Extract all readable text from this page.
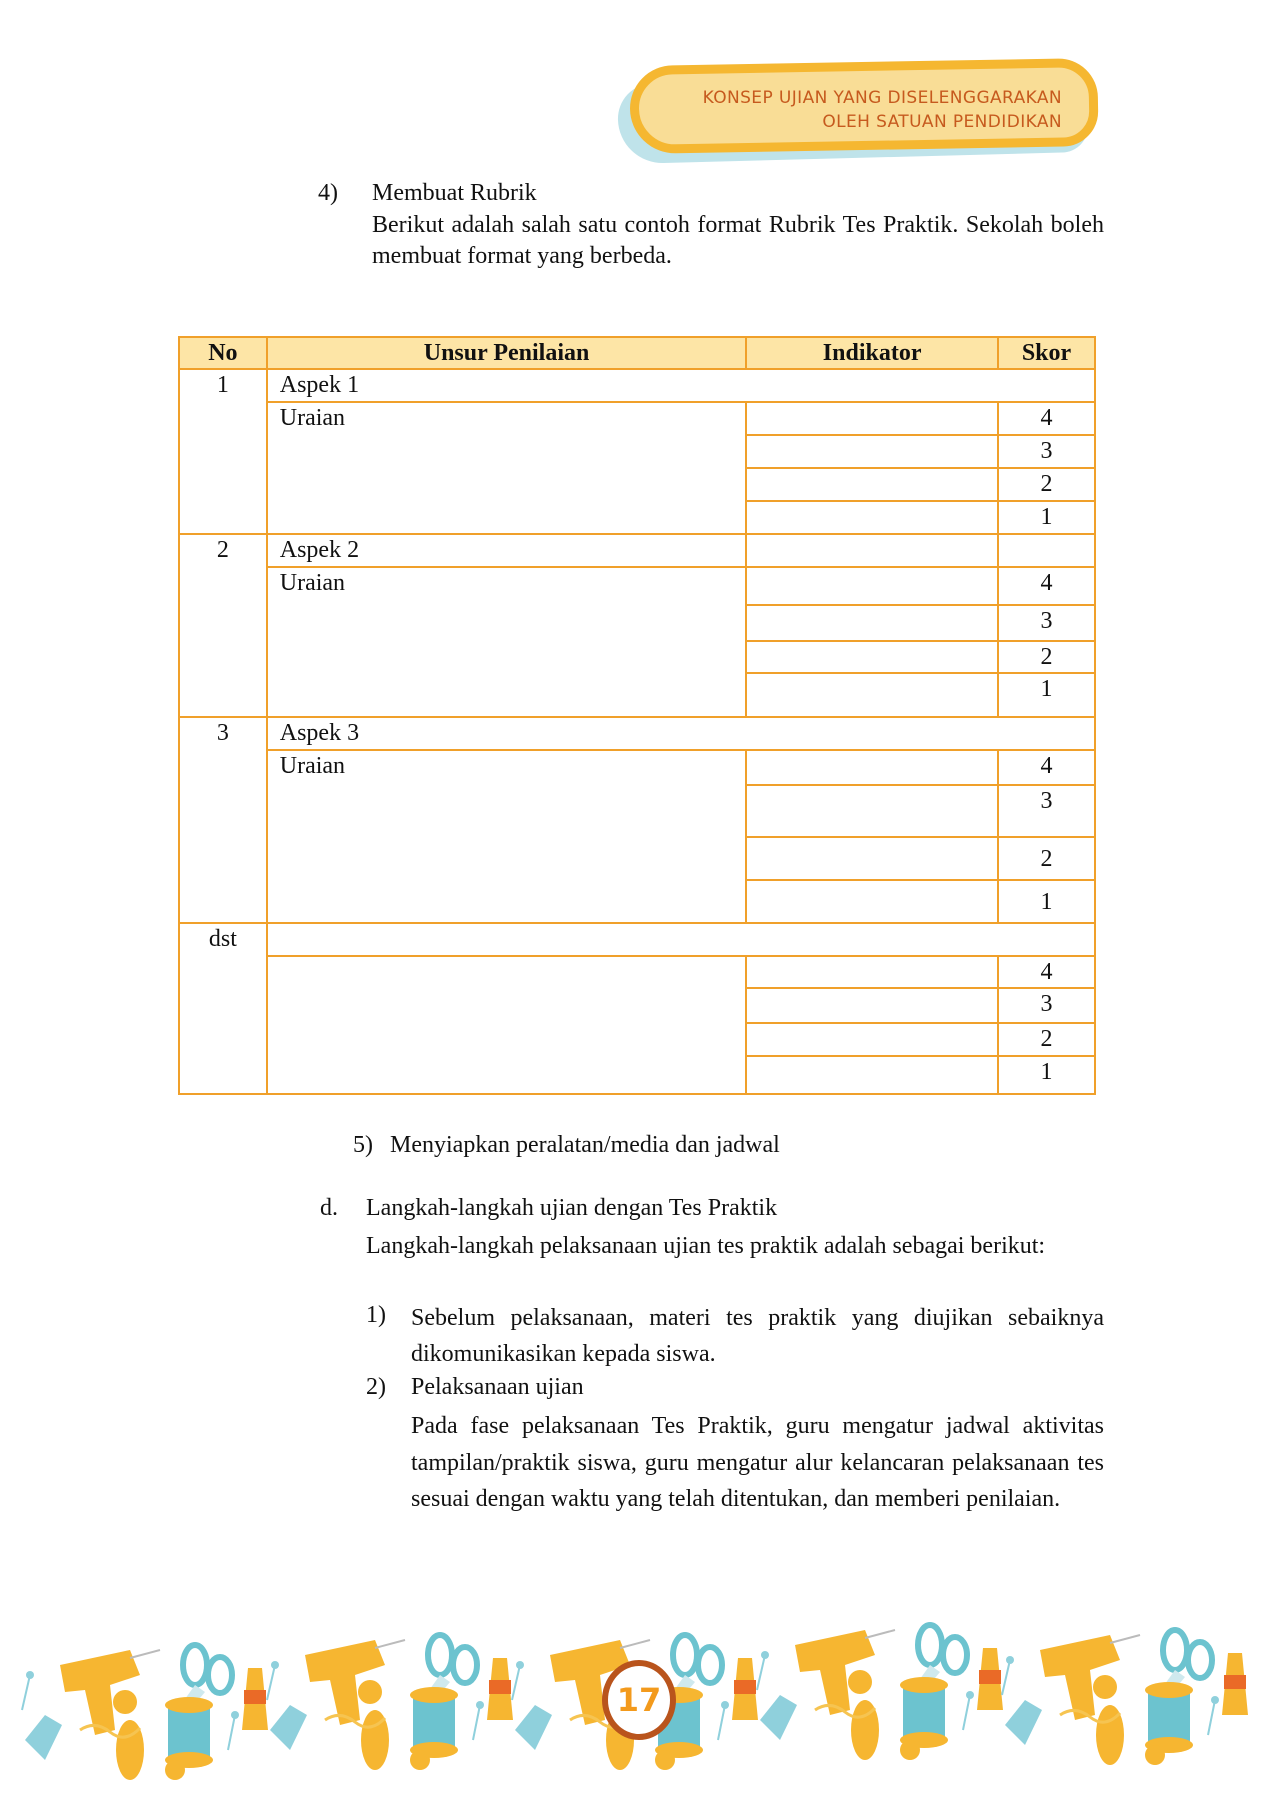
KONSEP UJIAN YANG DISELENGGARAKAN
OLEH SATUAN PENDIDIKAN
4) Membuat Rubrik
Berikut adalah salah satu contoh format Rubrik Tes Praktik. Sekolah boleh membuat format yang berbeda.
No	Unsur Penilaian	Indikator	Skor
1	Aspek 1		
	Uraian		4
			3
			2
			1
2	Aspek 2		
	Uraian		4
			3
			2
			1
3	Aspek 3		
	Uraian		4
			3
			2
			1
dst			
			4
			3
			2
			1
5) Menyiapkan peralatan/media dan jadwal
d. Langkah-langkah ujian dengan Tes Praktik
Langkah-langkah pelaksanaan ujian tes praktik adalah sebagai berikut:
1) Sebelum pelaksanaan, materi tes praktik yang diujikan sebaiknya dikomunikasikan kepada siswa.
2) Pelaksanaan ujian
Pada fase pelaksanaan Tes Praktik, guru mengatur jadwal aktivitas tampilan/praktik siswa, guru mengatur alur kelancaran pelaksanaan tes sesuai dengan waktu yang telah ditentukan, dan memberi penilaian.
17
